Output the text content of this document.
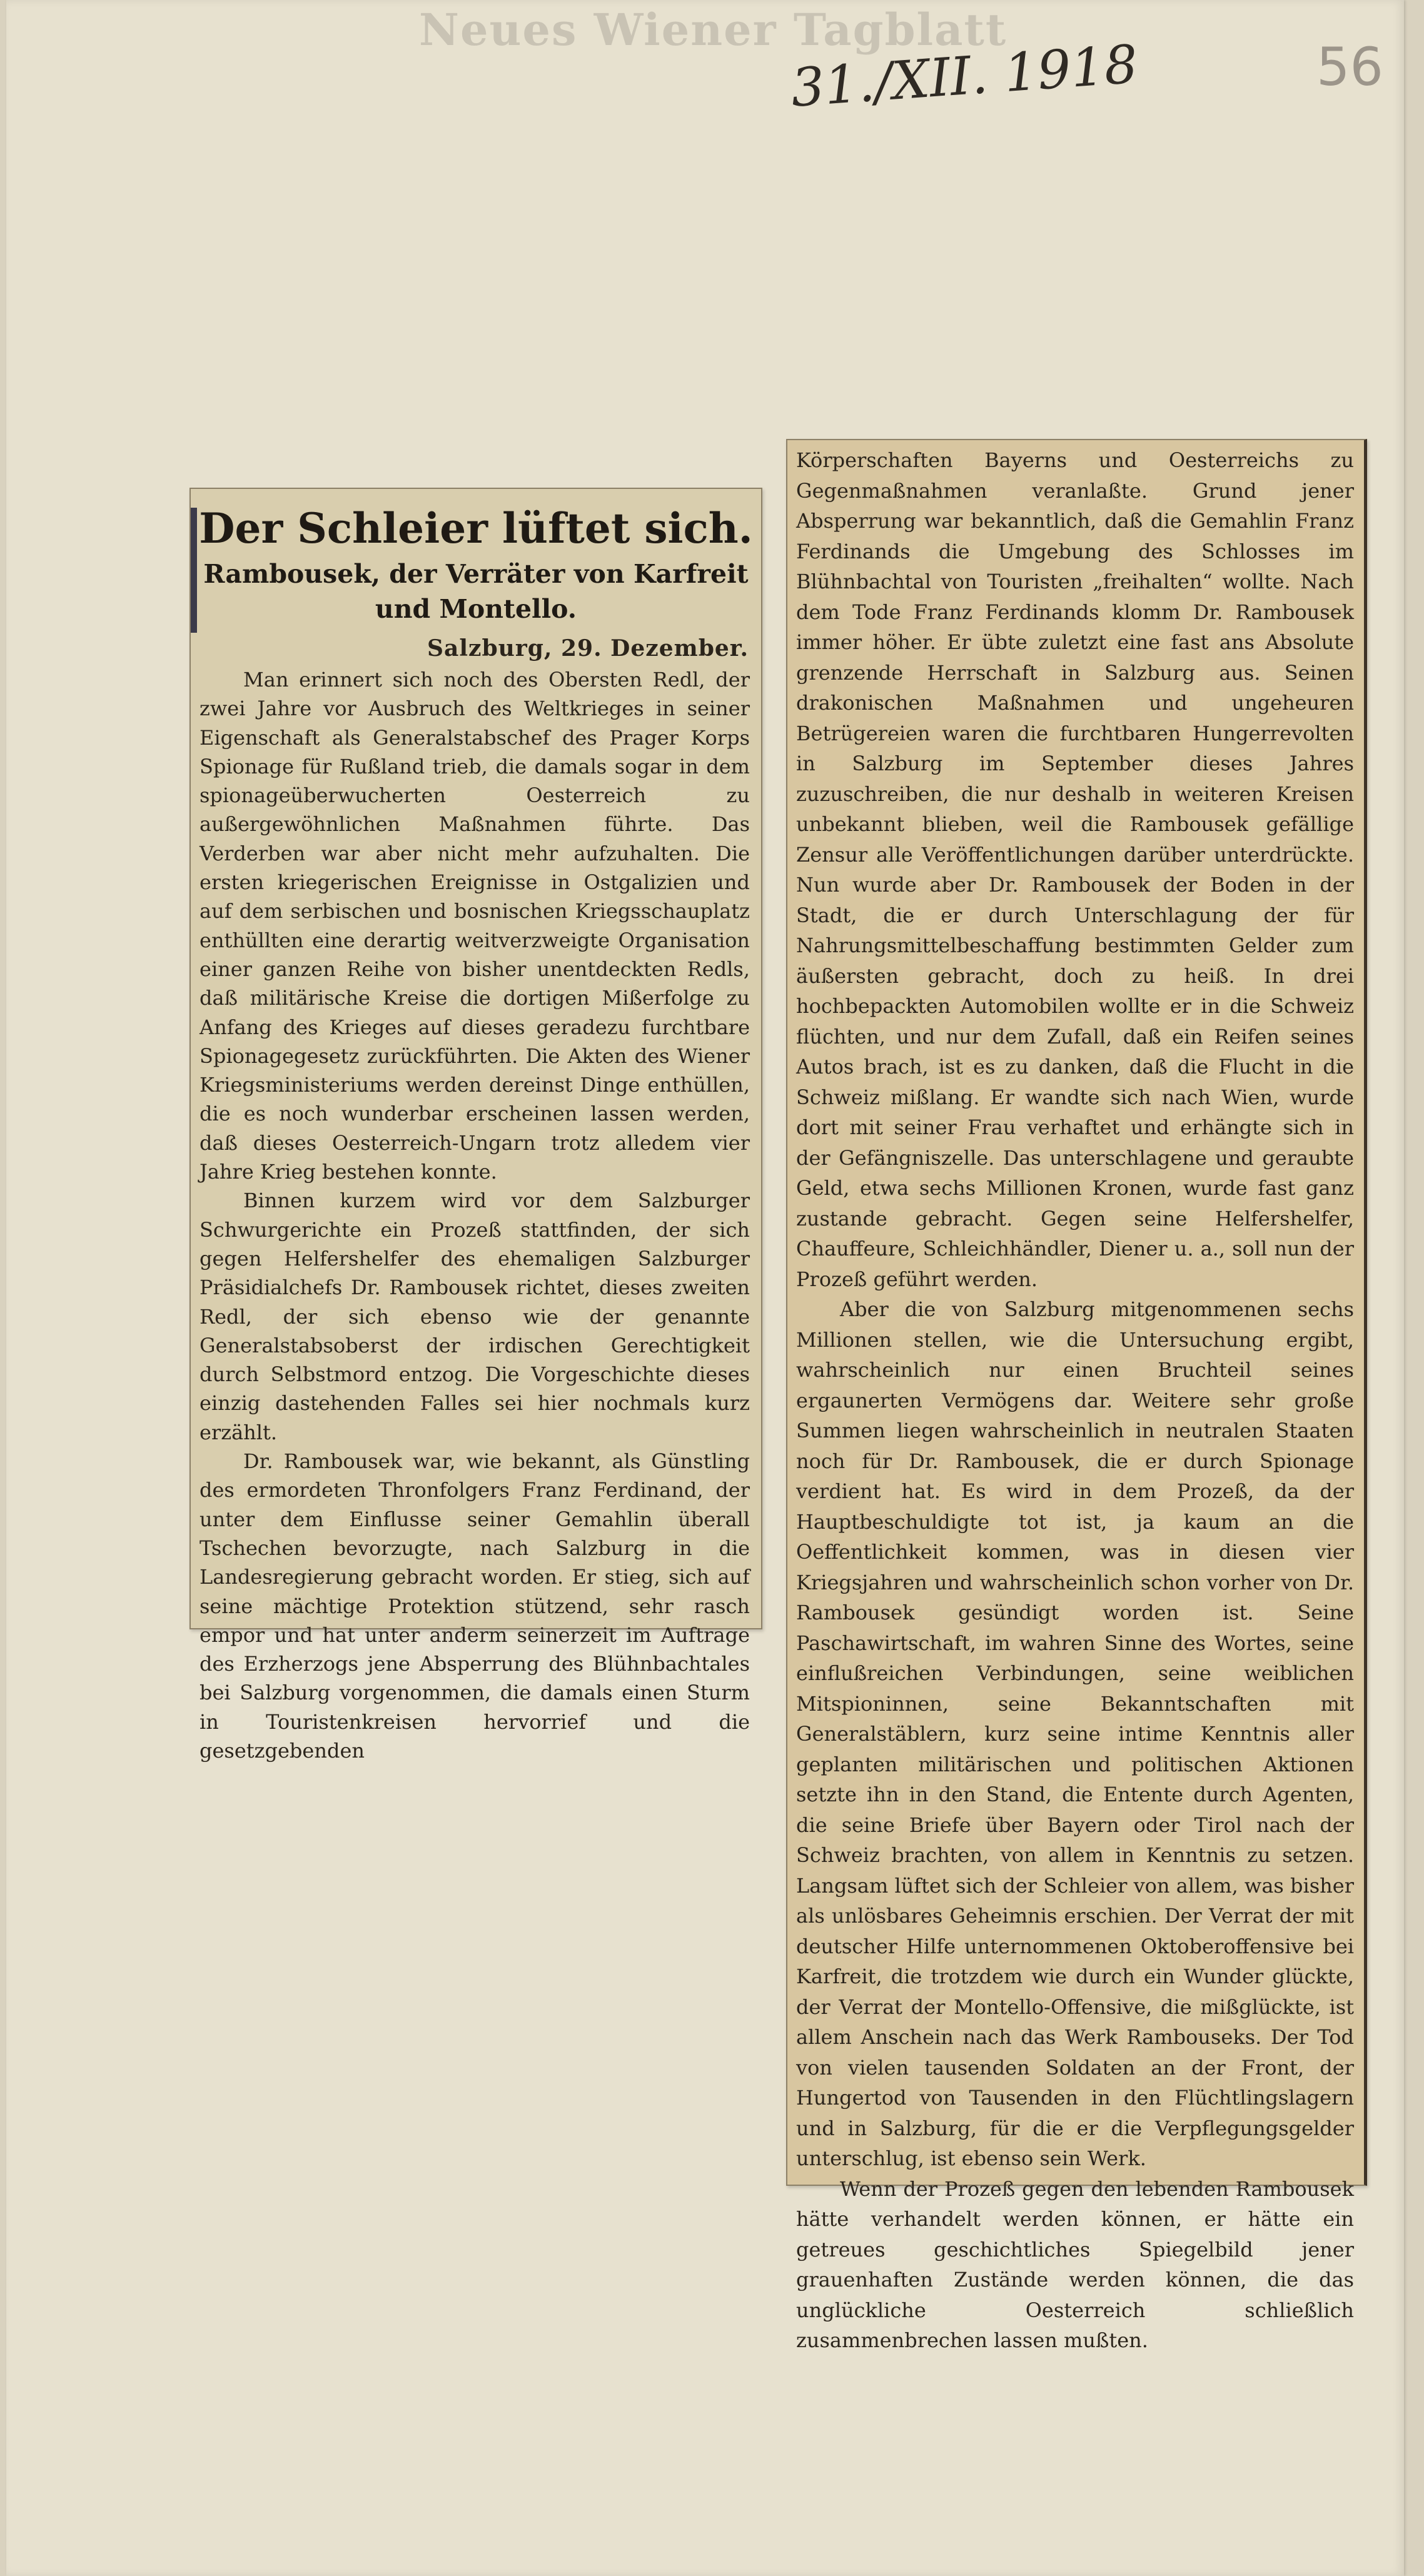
Neues Wiener Tagblatt
31./XII. 1918	56
Der Schleier lüftet sich.
Rambousek, der Verräter von Karfreit und Montello.
Salzburg, 29. Dezember.

Man erinnert sich noch des Obersten Redl, der zwei Jahre vor Ausbruch des Weltkrieges in seiner Eigenschaft als Generalstabschef des Prager Korps Spionage für Rußland trieb, die damals sogar in dem spionageüberwucherten Oesterreich zu außergewöhnlichen Maßnahmen führte. Das Verderben war aber nicht mehr aufzuhalten. Die ersten kriegerischen Ereignisse in Ostgalizien und auf dem serbischen und bosnischen Kriegsschauplatz enthüllten eine derartig weitverzweigte Organisation einer ganzen Reihe von bisher unentdeckten Redls, daß militärische Kreise die dortigen Mißerfolge zu Anfang des Krieges auf dieses geradezu furchtbare Spionagegesetz zurückführten. Die Akten des Wiener Kriegsministeriums werden dereinst Dinge enthüllen, die es noch wunderbar erscheinen lassen werden, daß dieses Oesterreich-Ungarn trotz alledem vier Jahre Krieg bestehen konnte.

Binnen kurzem wird vor dem Salzburger Schwurgerichte ein Prozeß stattfinden, der sich gegen Helfershelfer des ehemaligen Salzburger Präsidialchefs Dr. Rambousek richtet, dieses zweiten Redl, der sich ebenso wie der genannte Generalstabsoberst der irdischen Gerechtigkeit durch Selbstmord entzog. Die Vorgeschichte dieses einzig dastehenden Falles sei hier nochmals kurz erzählt.

Dr. Rambousek war, wie bekannt, als Günstling des ermordeten Thronfolgers Franz Ferdinand, der unter dem Einflusse seiner Gemahlin überall Tschechen bevorzugte, nach Salzburg in die Landesregierung gebracht worden. Er stieg, sich auf seine mächtige Protektion stützend, sehr rasch empor und hat unter anderm seinerzeit im Auftrage des Erzherzogs jene Absperrung des Blühnbachtales bei Salzburg vorgenommen, die damals einen Sturm in Touristenkreisen hervorrief und die gesetzgebenden

Körperschaften Bayerns und Oesterreichs zu Gegenmaßnahmen veranlaßte. Grund jener Absperrung war bekanntlich, daß die Gemahlin Franz Ferdinands die Umgebung des Schlosses im Blühnbachtal von Touristen „freihalten“ wollte. Nach dem Tode Franz Ferdinands klomm Dr. Rambousek immer höher. Er übte zuletzt eine fast ans Absolute grenzende Herrschaft in Salzburg aus. Seinen drakonischen Maßnahmen und ungeheuren Betrügereien waren die furchtbaren Hungerrevolten in Salzburg im September dieses Jahres zuzuschreiben, die nur deshalb in weiteren Kreisen unbekannt blieben, weil die Rambousek gefällige Zensur alle Veröffentlichungen darüber unterdrückte. Nun wurde aber Dr. Rambousek der Boden in der Stadt, die er durch Unterschlagung der für Nahrungsmittelbeschaffung bestimmten Gelder zum äußersten gebracht, doch zu heiß. In drei hochbepackten Automobilen wollte er in die Schweiz flüchten, und nur dem Zufall, daß ein Reifen seines Autos brach, ist es zu danken, daß die Flucht in die Schweiz mißlang. Er wandte sich nach Wien, wurde dort mit seiner Frau verhaftet und erhängte sich in der Gefängniszelle. Das unterschlagene und geraubte Geld, etwa sechs Millionen Kronen, wurde fast ganz zustande gebracht. Gegen seine Helfershelfer, Chauffeure, Schleichhändler, Diener u. a., soll nun der Prozeß geführt werden.

Aber die von Salzburg mitgenommenen sechs Millionen stellen, wie die Untersuchung ergibt, wahrscheinlich nur einen Bruchteil seines ergaunerten Vermögens dar. Weitere sehr große Summen liegen wahrscheinlich in neutralen Staaten noch für Dr. Rambousek, die er durch Spionage verdient hat. Es wird in dem Prozeß, da der Hauptbeschuldigte tot ist, ja kaum an die Oeffentlichkeit kommen, was in diesen vier Kriegsjahren und wahrscheinlich schon vorher von Dr. Rambousek gesündigt worden ist. Seine Paschawirtschaft, im wahren Sinne des Wortes, seine einflußreichen Verbindungen, seine weiblichen Mitspioninnen, seine Bekanntschaften mit Generalstäblern, kurz seine intime Kenntnis aller geplanten militärischen und politischen Aktionen setzte ihn in den Stand, die Entente durch Agenten, die seine Briefe über Bayern oder Tirol nach der Schweiz brachten, von allem in Kenntnis zu setzen. Langsam lüftet sich der Schleier von allem, was bisher als unlösbares Geheimnis erschien. Der Verrat der mit deutscher Hilfe unternommenen Oktoberoffensive bei Karfreit, die trotzdem wie durch ein Wunder glückte, der Verrat der Montello-Offensive, die mißglückte, ist allem Anschein nach das Werk Rambouseks. Der Tod von vielen tausenden Soldaten an der Front, der Hungertod von Tausenden in den Flüchtlingslagern und in Salzburg, für die er die Verpflegungsgelder unterschlug, ist ebenso sein Werk.

Wenn der Prozeß gegen den lebenden Rambousek hätte verhandelt werden können, er hätte ein getreues geschichtliches Spiegelbild jener grauenhaften Zustände werden können, die das unglückliche Oesterreich schließlich zusammenbrechen lassen mußten.
